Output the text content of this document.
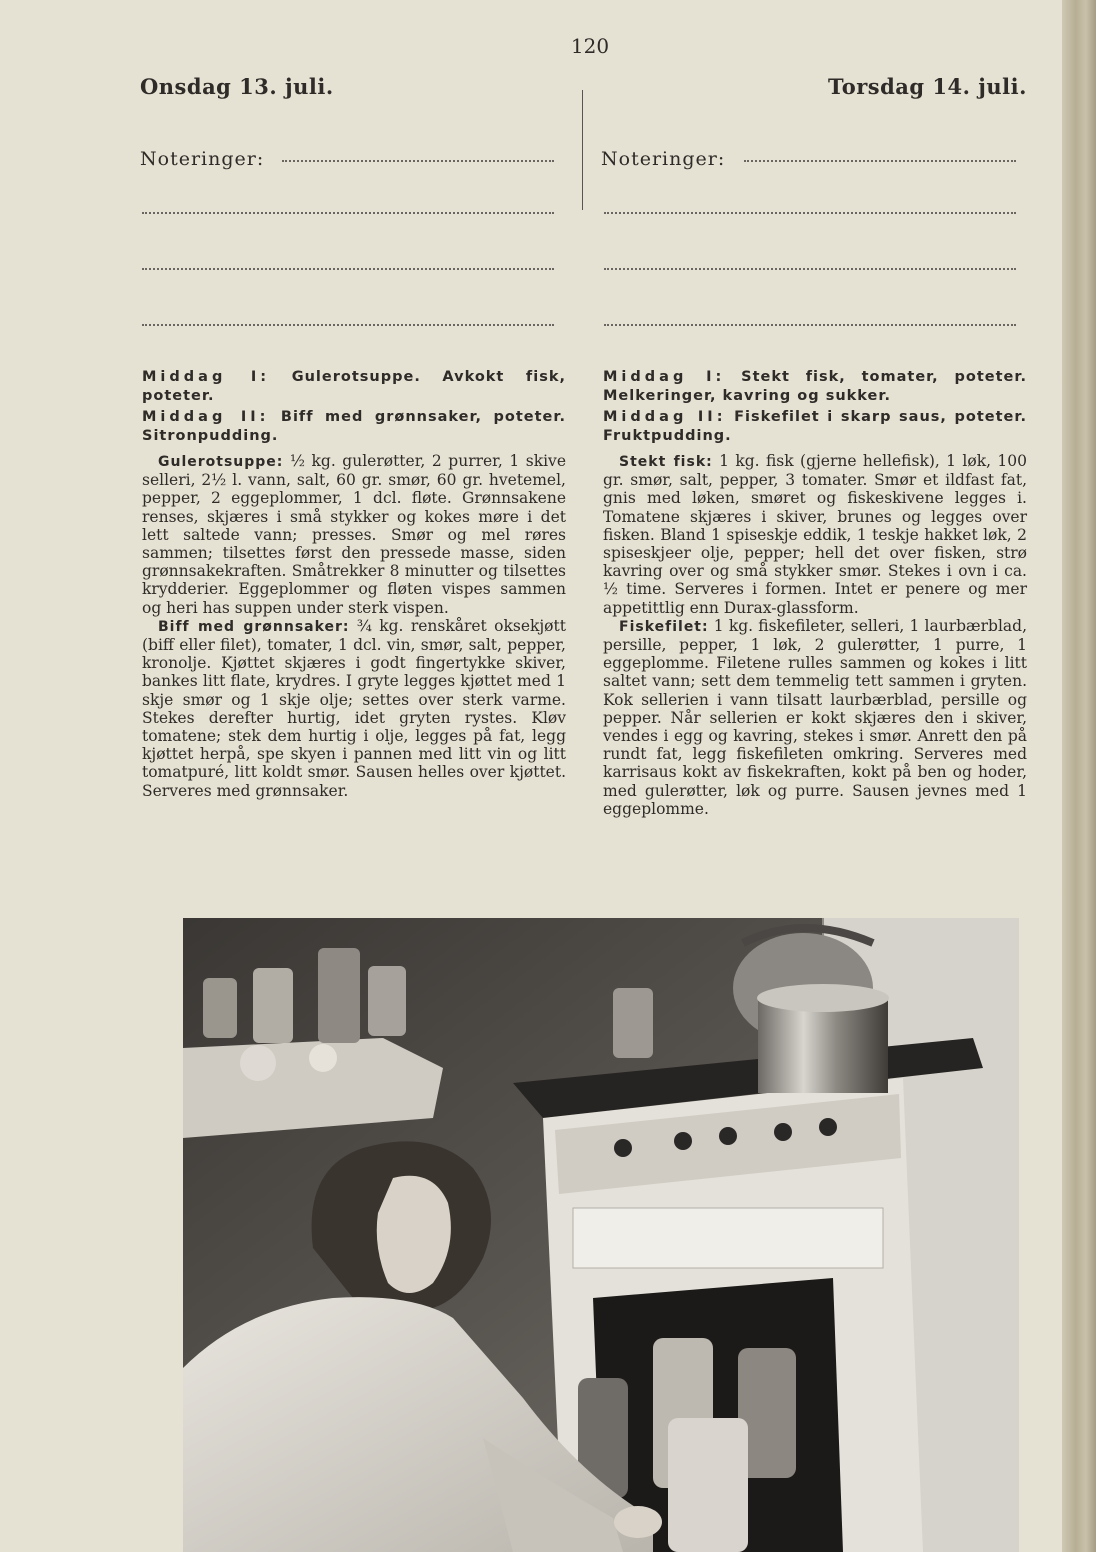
120
Onsdag 13. juli.	Torsdag 14. juli.
Noteringer:	Noteringer:
Middag I: Gulerotsuppe. Avkokt fisk, poteter.
Middag II: Biff med grønnsaker, poteter. Sitronpudding.
Middag I: Stekt fisk, tomater, poteter. Melkeringer, kavring og sukker.
Middag II: Fiskefilet i skarp saus, poteter. Fruktpudding.

Gulerotsuppe: ½ kg. gulerøtter, 2 purrer, 1 skive selleri, 2½ l. vann, salt, 60 gr. smør, 60 gr. hvetemel, pepper, 2 eggeplommer, 1 dcl. fløte. Grønnsakene renses, skjæres i små stykker og kokes møre i det lett saltede vann; presses. Smør og mel røres sammen; tilsettes først den pressede masse, siden grønnsakekraften. Småtrekker 8 minutter og tilsettes krydderier. Eggeplommer og fløten vispes sammen og heri has suppen under sterk vispen.

Biff med grønnsaker: ¾ kg. renskåret oksekjøtt (biff eller filet), tomater, 1 dcl. vin, smør, salt, pepper, kronolje. Kjøttet skjæres i godt fingertykke skiver, bankes litt flate, krydres. I gryte legges kjøttet med 1 skje smør og 1 skje olje; settes over sterk varme. Stekes derefter hurtig, idet gryten rystes. Kløv tomatene; stek dem hurtig i olje, legges på fat, legg kjøttet herpå, spe skyen i pannen med litt vin og litt tomatpuré, litt koldt smør. Sausen helles over kjøttet. Serveres med grønnsaker.

Stekt fisk: 1 kg. fisk (gjerne hellefisk), 1 løk, 100 gr. smør, salt, pepper, 3 tomater. Smør et ildfast fat, gnis med løken, smøret og fiskeskivene legges i. Tomatene skjæres i skiver, brunes og legges over fisken. Bland 1 spiseskje eddik, 1 teskje hakket løk, 2 spiseskjeer olje, pepper; hell det over fisken, strø kavring over og små stykker smør. Stekes i ovn i ca. ½ time. Serveres i formen. Intet er penere og mer appetittlig enn Durax-glassform.

Fiskefilet: 1 kg. fiskefileter, selleri, 1 laurbærblad, persille, pepper, 1 løk, 2 gulerøtter, 1 purre, 1 eggeplomme. Filetene rulles sammen og kokes i litt saltet vann; sett dem temmelig tett sammen i gryten. Kok sellerien i vann tilsatt laurbærblad, persille og pepper. Når sellerien er kokt skjæres den i skiver, vendes i egg og kavring, stekes i smør. Anrett den på rundt fat, legg fiskefileten omkring. Serveres med karrisaus kokt av fiskekraften, kokt på ben og hoder, med gulerøtter, løk og purre. Sausen jevnes med 1 eggeplomme.
